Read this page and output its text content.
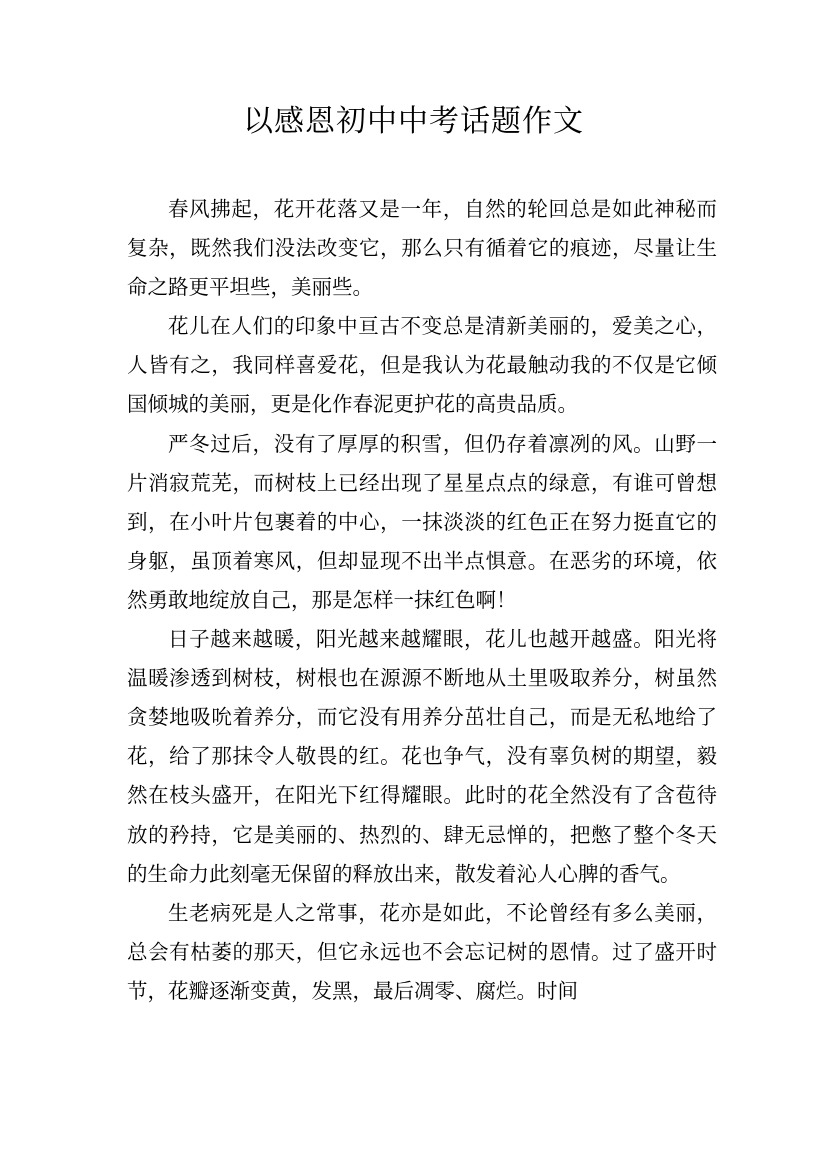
以感恩初中中考话题作文

春风拂起，花开花落又是一年，自然的轮回总是如此神秘而复杂，既然我们没法改变它，那么只有循着它的痕迹，尽量让生命之路更平坦些，美丽些。

花儿在人们的印象中亘古不变总是清新美丽的，爱美之心，人皆有之，我同样喜爱花，但是我认为花最触动我的不仅是它倾国倾城的美丽，更是化作春泥更护花的高贵品质。

严冬过后，没有了厚厚的积雪，但仍存着凛冽的风。山野一片消寂荒芜，而树枝上已经出现了星星点点的绿意，有谁可曾想到，在小叶片包裹着的中心，一抹淡淡的红色正在努力挺直它的身躯，虽顶着寒风，但却显现不出半点惧意。在恶劣的环境，依然勇敢地绽放自己，那是怎样一抹红色啊！

日子越来越暖，阳光越来越耀眼，花儿也越开越盛。阳光将温暖渗透到树枝，树根也在源源不断地从土里吸取养分，树虽然贪婪地吸吮着养分，而它没有用养分茁壮自己，而是无私地给了花，给了那抹令人敬畏的红。花也争气，没有辜负树的期望，毅然在枝头盛开，在阳光下红得耀眼。此时的花全然没有了含苞待放的矜持，它是美丽的、热烈的、肆无忌惮的，把憋了整个冬天的生命力此刻毫无保留的释放出来，散发着沁人心脾的香气。

生老病死是人之常事，花亦是如此，不论曾经有多么美丽，总会有枯萎的那天，但它永远也不会忘记树的恩情。过了盛开时节，花瓣逐渐变黄，发黑，最后凋零、腐烂。时间
